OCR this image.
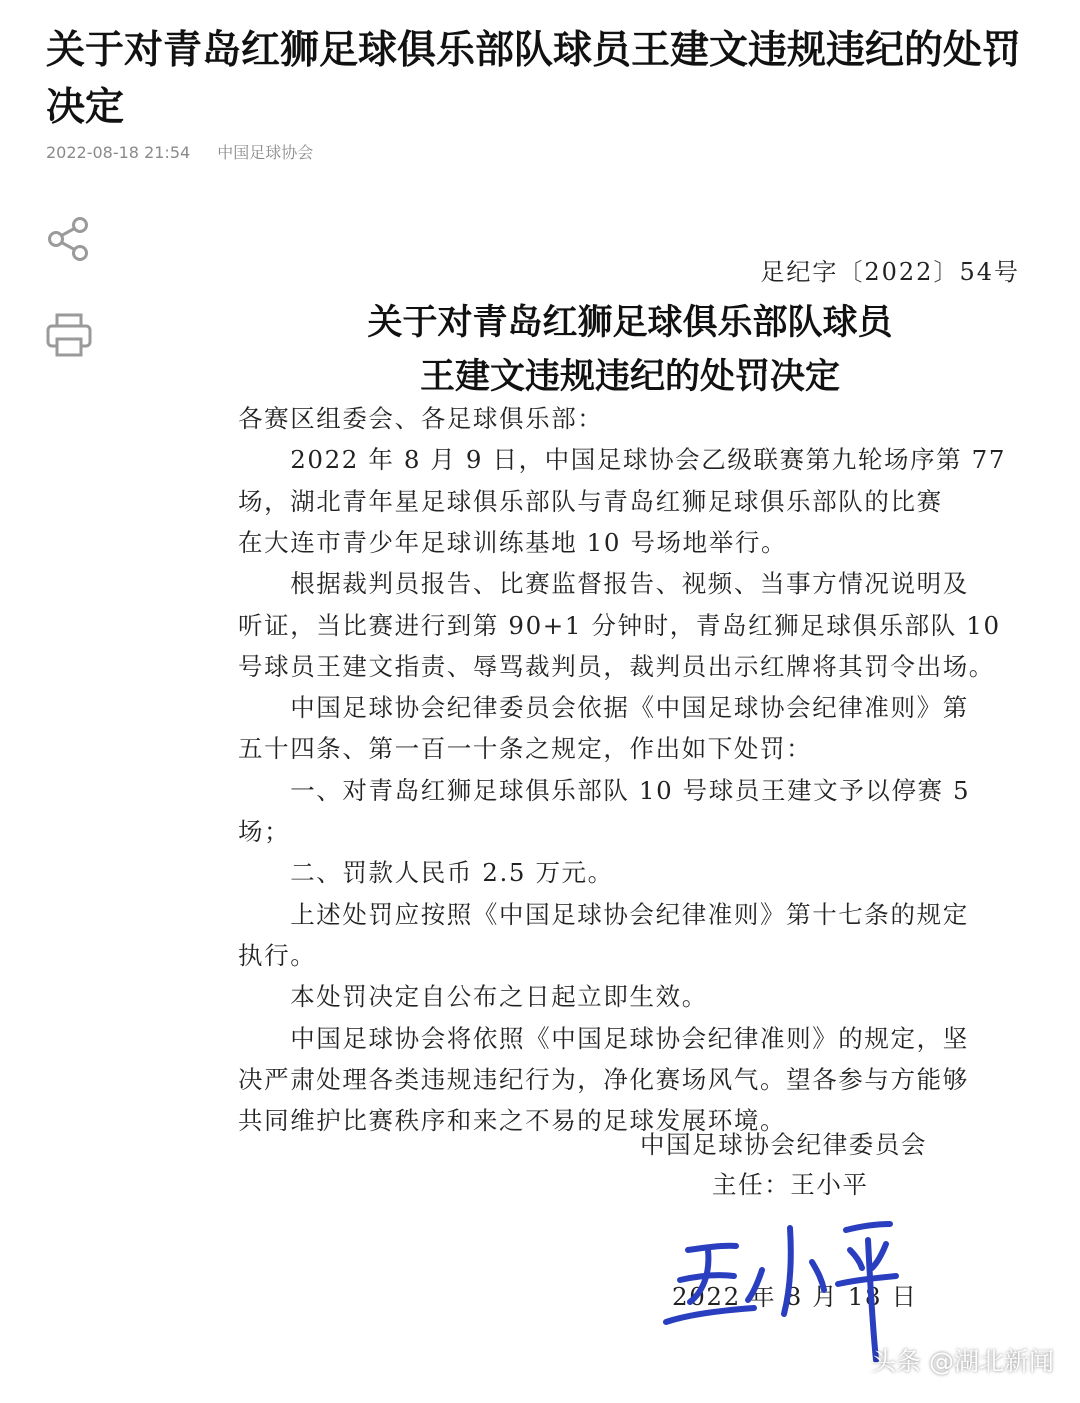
关于对青岛红狮足球俱乐部队球员王建文违规违纪的处罚决定
2022-08-18 21:54 中国足球协会
足纪字〔2022〕54号
关于对青岛红狮足球俱乐部队球员
王建文违规违纪的处罚决定
各赛区组委会、各足球俱乐部：
　　2022 年 8 月 9 日，中国足球协会乙级联赛第九轮场序第 77
场，湖北青年星足球俱乐部队与青岛红狮足球俱乐部队的比赛
在大连市青少年足球训练基地 10 号场地举行。
　　根据裁判员报告、比赛监督报告、视频、当事方情况说明及
听证，当比赛进行到第 90+1 分钟时，青岛红狮足球俱乐部队 10
号球员王建文指责、辱骂裁判员，裁判员出示红牌将其罚令出场。
　　中国足球协会纪律委员会依据《中国足球协会纪律准则》第
五十四条、第一百一十条之规定，作出如下处罚：
　　一、对青岛红狮足球俱乐部队 10 号球员王建文予以停赛 5
场；
　　二、罚款人民币 2.5 万元。
　　上述处罚应按照《中国足球协会纪律准则》第十七条的规定
执行。
　　本处罚决定自公布之日起立即生效。
　　中国足球协会将依照《中国足球协会纪律准则》的规定，坚
决严肃处理各类违规违纪行为，净化赛场风气。望各参与方能够
共同维护比赛秩序和来之不易的足球发展环境。
中国足球协会纪律委员会
主任：王小平
2022 年 8 月 18 日
头条 @湖北新闻
